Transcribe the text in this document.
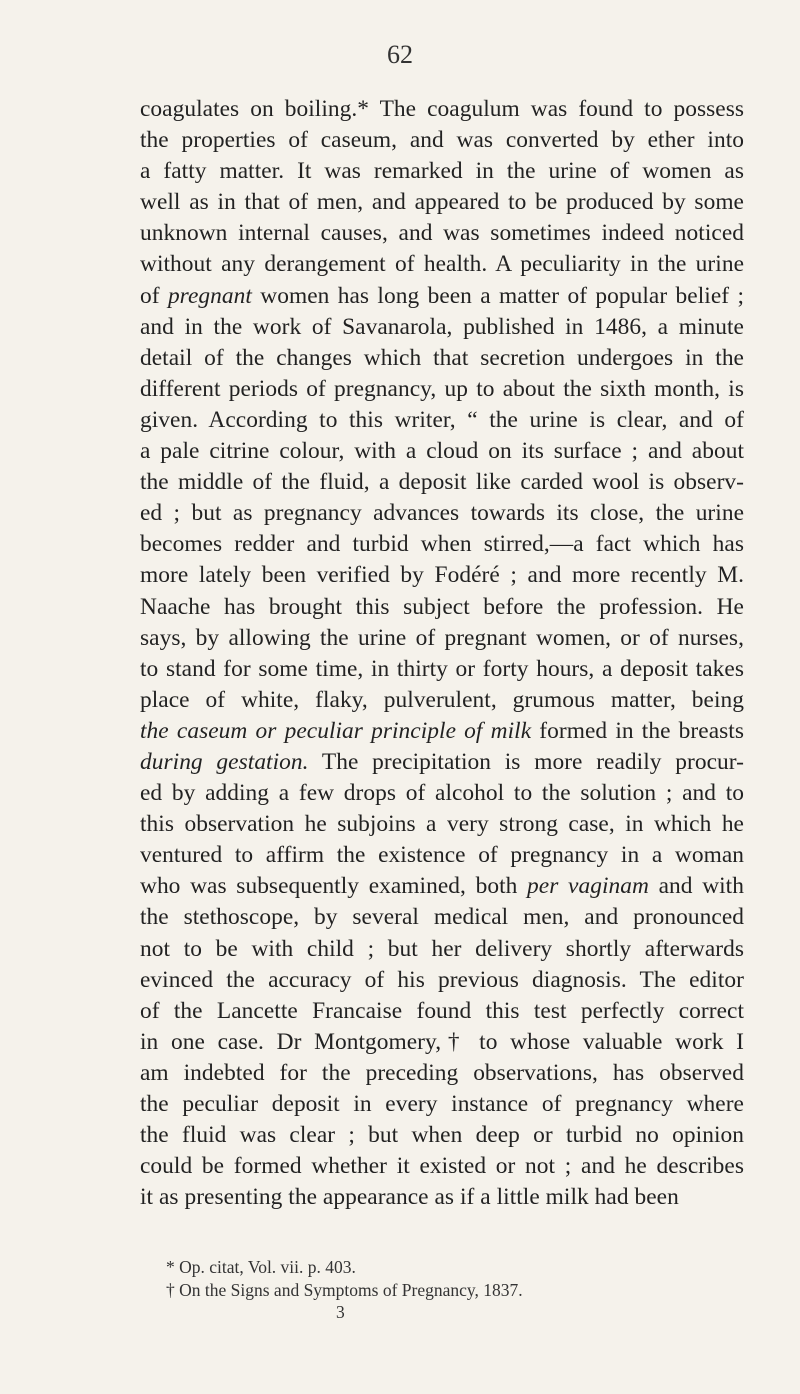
62
coagulates on boiling.* The coagulum was found to possess
the properties of caseum, and was converted by ether into
a fatty matter. It was remarked in the urine of women as
well as in that of men, and appeared to be produced by some
unknown internal causes, and was sometimes indeed noticed
without any derangement of health. A peculiarity in the urine
of pregnant women has long been a matter of popular belief ;
and in the work of Savanarola, published in 1486, a minute
detail of the changes which that secretion undergoes in the
different periods of pregnancy, up to about the sixth month, is
given. According to this writer, “ the urine is clear, and of
a pale citrine colour, with a cloud on its surface ; and about
the middle of the fluid, a deposit like carded wool is observ-
ed ; but as pregnancy advances towards its close, the urine
becomes redder and turbid when stirred,—a fact which has
more lately been verified by Fodéré ; and more recently M.
Naache has brought this subject before the profession. He
says, by allowing the urine of pregnant women, or of nurses,
to stand for some time, in thirty or forty hours, a deposit takes
place of white, flaky, pulverulent, grumous matter, being
the caseum or peculiar principle of milk formed in the breasts
during gestation. The precipitation is more readily procur-
ed by adding a few drops of alcohol to the solution ; and to
this observation he subjoins a very strong case, in which he
ventured to affirm the existence of pregnancy in a woman
who was subsequently examined, both per vaginam and with
the stethoscope, by several medical men, and pronounced
not to be with child ; but her delivery shortly afterwards
evinced the accuracy of his previous diagnosis. The editor
of the Lancette Francaise found this test perfectly correct
in one case. Dr Montgomery,† to whose valuable work I
am indebted for the preceding observations, has observed
the peculiar deposit in every instance of pregnancy where
the fluid was clear ; but when deep or turbid no opinion
could be formed whether it existed or not ; and he describes
it as presenting the appearance as if a little milk had been
* Op. citat, Vol. vii. p. 403.
† On the Signs and Symptoms of Pregnancy, 1837.
3
